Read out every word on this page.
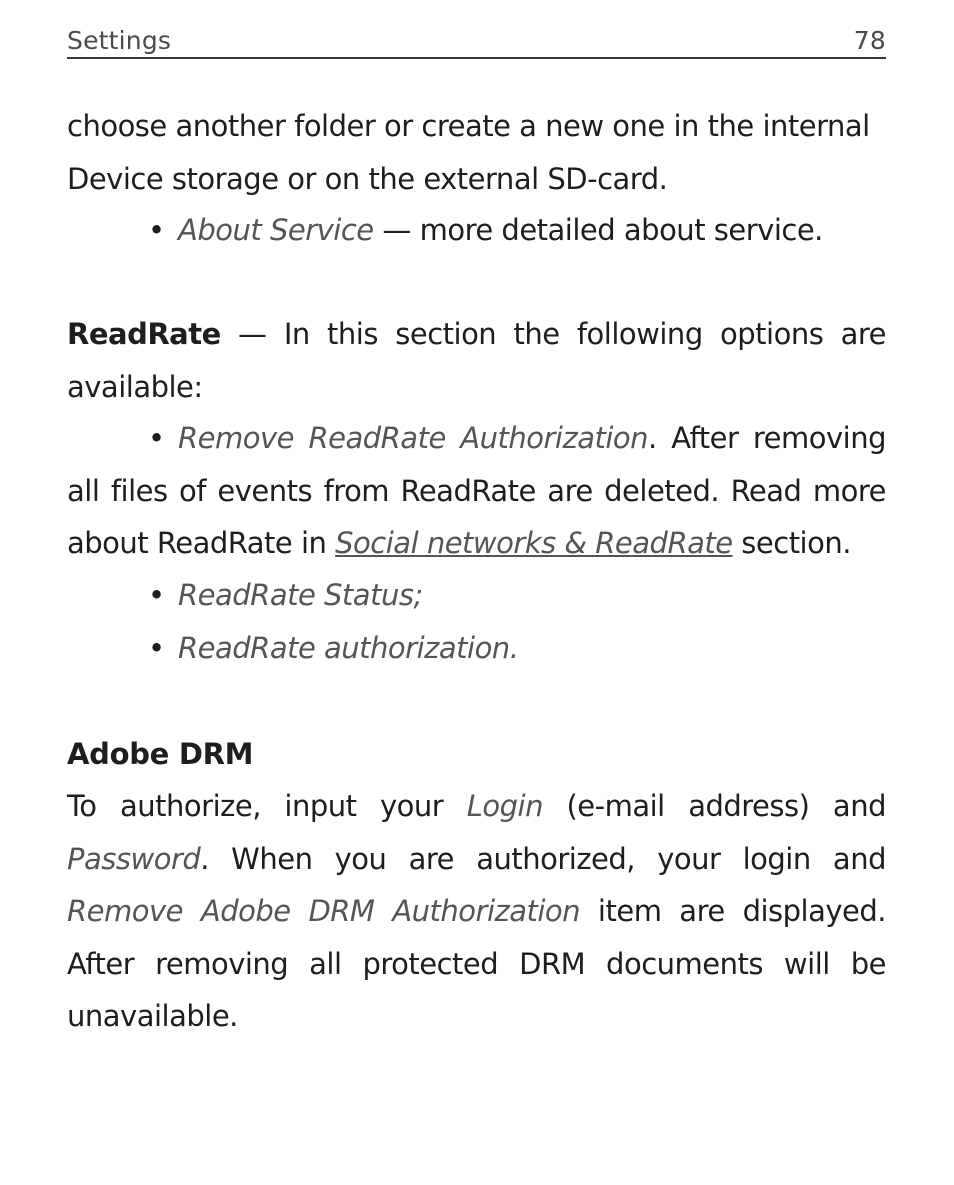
Settings	78
choose another folder or create a new one in the internal
Device storage or on the external SD-card.
• About Service — more detailed about service.
ReadRate — In this section the following options are available:
• Remove ReadRate Authorization. After removing all files of events from ReadRate are deleted. Read more about ReadRate in Social networks & ReadRate section.
• ReadRate Status;
• ReadRate authorization.
Adobe DRM
To authorize, input your Login (e-mail address) and Password. When you are authorized, your login and Remove Adobe DRM Authorization item are displayed. After removing all protected DRM documents will be unavailable.
